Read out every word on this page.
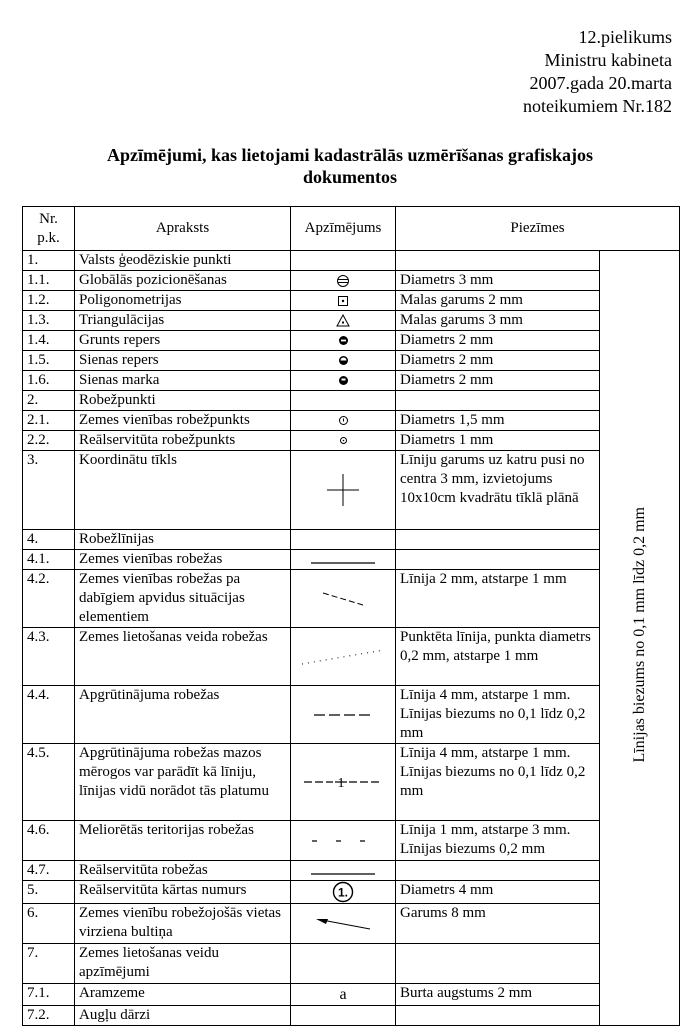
12.pielikums
Ministru kabineta
2007.gada 20.marta
noteikumiem Nr.182
Apzīmējumi, kas lietojami kadastrālās uzmērīšanas grafiskajos
dokumentos
Nr. p.k.	Apraksts	Apzīmējums	Piezīmes	
1.	Valsts ģeodēziskie punkti			Līnijas biezums no 0,1 mm līdz 0,2 mm
1.1.	Globālās pozicionēšanas		Diametrs 3 mm	
1.2.	Poligonometrijas		Malas garums 2 mm	
1.3.	Triangulācijas		Malas garums 3 mm	
1.4.	Grunts repers		Diametrs 2 mm	
1.5.	Sienas repers		Diametrs 2 mm	
1.6.	Sienas marka		Diametrs 2 mm	
2.	Robežpunkti			
2.1.	Zemes vienības robežpunkts		Diametrs 1,5 mm	
2.2.	Reālservitūta robežpunkts		Diametrs 1 mm	
3.	Koordinātu tīkls		Līniju garums uz katru pusi no centra 3 mm, izvietojums 10x10cm kvadrātu tīklā plānā	
4.	Robežlīnijas			
4.1.	Zemes vienības robežas	

4.2.	Zemes vienības robežas pa dabīgiem apvidus situācijas elementiem		Līnija 2 mm, atstarpe 1 mm	
4.3.	Zemes lietošanas veida robežas		Punktēta līnija, punkta diametrs 0,2 mm, atstarpe 1 mm	
4.4.	Apgrūtinājuma robežas		Līnija 4 mm, atstarpe 1 mm. Līnijas biezums no 0,1 līdz 0,2 mm	
4.5.	Apgrūtinājuma robežas mazos mērogos var parādīt kā līniju, līnijas vidū norādot tās platumu	1	Līnija 4 mm, atstarpe 1 mm. Līnijas biezums no 0,1 līdz 0,2 mm	
4.6.	Meliorētās teritorijas robežas		Līnija 1 mm, atstarpe 3 mm. Līnijas biezums 0,2 mm	
4.7.	Reālservitūta robežas	

5.	Reālservitūta kārtas numurs	1.	Diametrs 4 mm	
6.	Zemes vienību robežojošās vietas virziena bultiņa		Garums 8 mm	
7.	Zemes lietošanas veidu apzīmējumi			
7.1.	Aramzeme	a	Burta augstums 2 mm	
7.2.	Augļu dārzi			
